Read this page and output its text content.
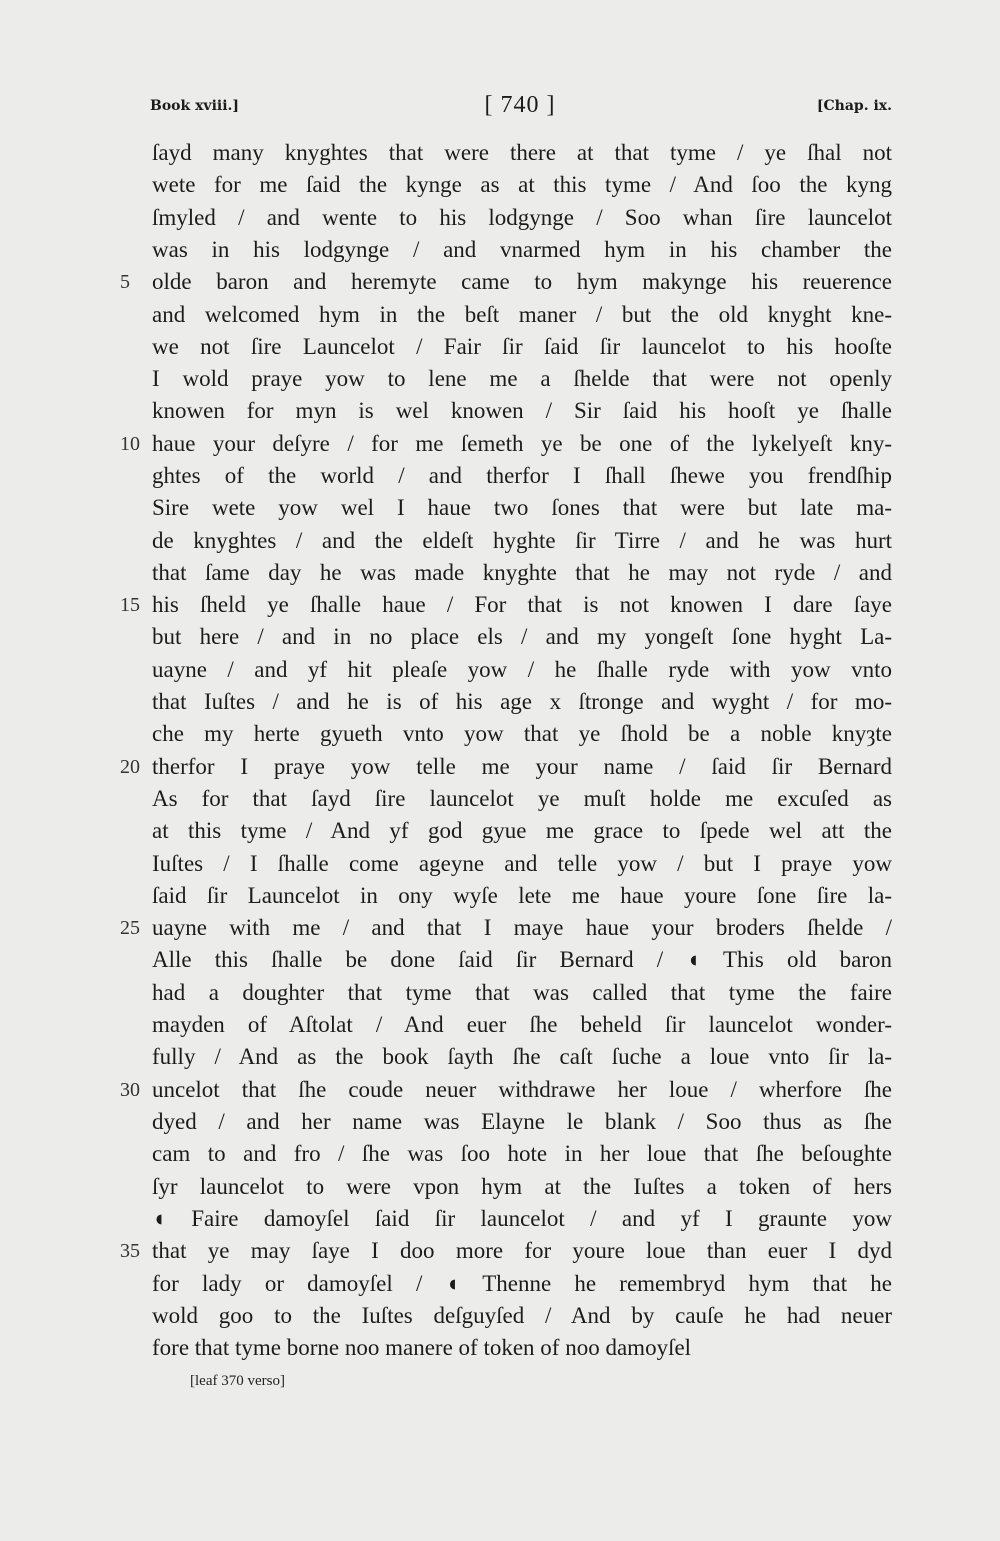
Book xviii.]	[ 740 ]	[Chap. ix.
ſayd many knyghtes that were there at that tyme / ye ſhal not
wete for me ſaid the kynge as at this tyme / And ſoo the kyng
ſmyled / and wente to his lodgynge / Soo whan ſire launcelot
was in his lodgynge / and vnarmed hym in his chamber the
olde baron and heremyte came to hym makynge his reuerence
5
and welcomed hym in the beſt maner / but the old knyght kne-
we not ſire Launcelot / Fair ſir ſaid ſir launcelot to his hooſte
I wold praye yow to lene me a ſhelde that were not openly
knowen for myn is wel knowen / Sir ſaid his hooſt ye ſhalle
haue your deſyre / for me ſemeth ye be one of the lykelyeſt kny-
10
ghtes of the world / and therfor I ſhall ſhewe you frendſhip
Sire wete yow wel I haue two ſones that were but late ma-
de knyghtes / and the eldeſt hyghte ſir Tirre / and he was hurt
that ſame day he was made knyghte that he may not ryde / and
his ſheld ye ſhalle haue / For that is not knowen I dare ſaye
15
but here / and in no place els / and my yongeſt ſone hyght La-
uayne / and yf hit pleaſe yow / he ſhalle ryde with yow vnto
that Iuſtes / and he is of his age x ſtronge and wyght / for mo-
che my herte gyueth vnto yow that ye ſhold be a noble knyȝte
therfor I praye yow telle me your name / ſaid ſir Bernard
20
As for that ſayd ſire launcelot ye muſt holde me excuſed as
at this tyme / And yf god gyue me grace to ſpede wel att the
Iuſtes / I ſhalle come ageyne and telle yow / but I praye yow
ſaid ſir Launcelot in ony wyſe lete me haue youre ſone ſire la-
uayne with me / and that I maye haue your broders ſhelde /
25
Alle this ſhalle be done ſaid ſir Bernard / ◖ This old baron
had a doughter that tyme that was called that tyme the faire
mayden of Aſtolat / And euer ſhe beheld ſir launcelot wonder-
fully / And as the book ſayth ſhe caſt ſuche a loue vnto ſir la-
uncelot that ſhe coude neuer withdrawe her loue / wherfore ſhe
30
dyed / and her name was Elayne le blank / Soo thus as ſhe
cam to and fro / ſhe was ſoo hote in her loue that ſhe beſoughte
ſyr launcelot to were vpon hym at the Iuſtes a token of hers
◖ Faire damoyſel ſaid ſir launcelot / and yf I graunte yow
that ye may ſaye I doo more for youre loue than euer I dyd
35
for lady or damoyſel / ◖ Thenne he remembryd hym that he
wold goo to the Iuſtes deſguyſed / And by cauſe he had neuer
fore that tyme borne noo manere of token of noo damoyſel
[leaf 370 verso]
